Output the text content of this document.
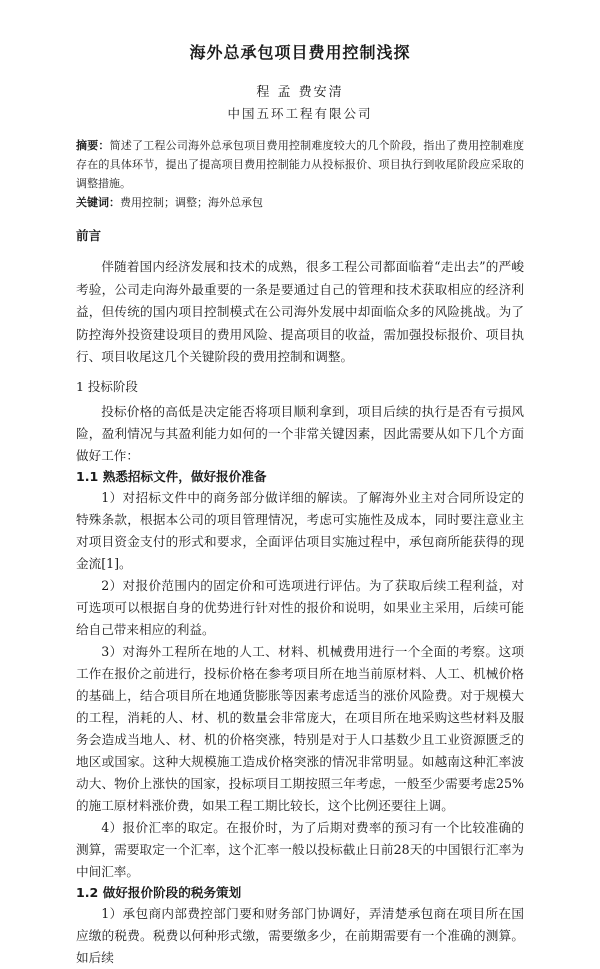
海外总承包项目费用控制浅探
程 孟 费安清
中国五环工程有限公司

摘要：简述了工程公司海外总承包项目费用控制难度较大的几个阶段，指出了费用控制难度存在的具体环节，提出了提高项目费用控制能力从投标报价、项目执行到收尾阶段应采取的调整措施。

关键词：费用控制；调整；海外总承包

前言

伴随着国内经济发展和技术的成熟，很多工程公司都面临着“走出去”的严峻考验，公司走向海外最重要的一条是要通过自己的管理和技术获取相应的经济利益，但传统的国内项目控制模式在公司海外发展中却面临众多的风险挑战。为了防控海外投资建设项目的费用风险、提高项目的收益，需加强投标报价、项目执行、项目收尾这几个关键阶段的费用控制和调整。

1 投标阶段

投标价格的高低是决定能否将项目顺利拿到，项目后续的执行是否有亏损风险，盈利情况与其盈利能力如何的一个非常关键因素，因此需要从如下几个方面做好工作：

1.1 熟悉招标文件，做好报价准备

1）对招标文件中的商务部分做详细的解读。了解海外业主对合同所设定的特殊条款，根据本公司的项目管理情况，考虑可实施性及成本，同时要注意业主对项目资金支付的形式和要求，全面评估项目实施过程中，承包商所能获得的现金流[1]。

2）对报价范围内的固定价和可选项进行评估。为了获取后续工程利益，对可选项可以根据自身的优势进行针对性的报价和说明，如果业主采用，后续可能给自己带来相应的利益。

3）对海外工程所在地的人工、材料、机械费用进行一个全面的考察。这项工作在报价之前进行，投标价格在参考项目所在地当前原材料、人工、机械价格的基础上，结合项目所在地通货膨胀等因素考虑适当的涨价风险费。对于规模大的工程，消耗的人、材、机的数量会非常庞大，在项目所在地采购这些材料及服务会造成当地人、材、机的价格突涨，特别是对于人口基数少且工业资源匮乏的地区或国家。这种大规模施工造成价格突涨的情况非常明显。如越南这种汇率波动大、物价上涨快的国家，投标项目工期按照三年考虑，一般至少需要考虑25%的施工原材料涨价费，如果工程工期比较长，这个比例还要往上调。

4）报价汇率的取定。在报价时，为了后期对费率的预习有一个比较准确的测算，需要取定一个汇率，这个汇率一般以投标截止日前28天的中国银行汇率为中间汇率。

1.2 做好报价阶段的税务策划

1）承包商内部费控部门要和财务部门协调好，弄清楚承包商在项目所在国应缴的税费。税费以何种形式缴，需要缴多少，在前期需要有一个准确的测算。如后续
